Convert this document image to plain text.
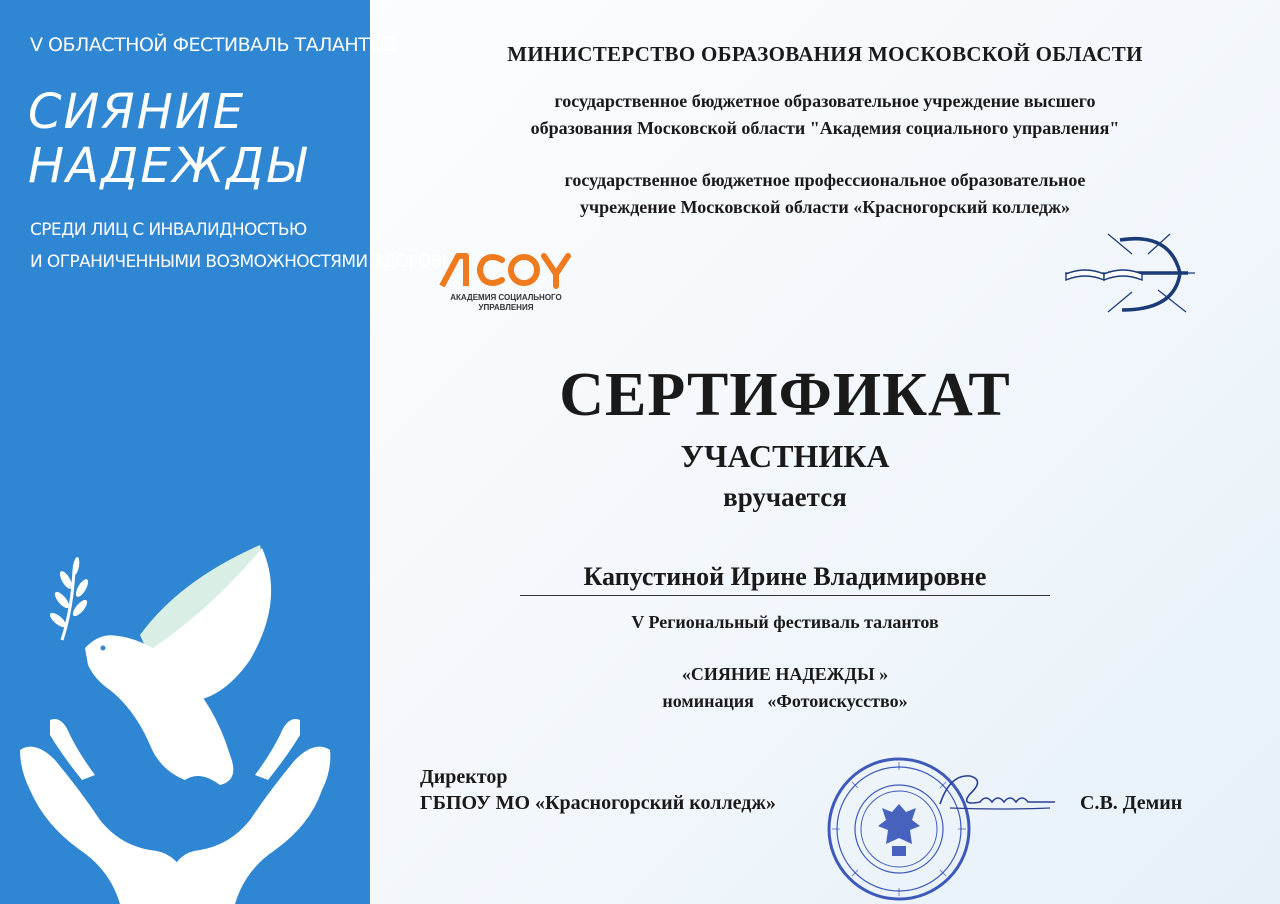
V ОБЛАСТНОЙ ФЕСТИВАЛЬ ТАЛАНТОВ
СИЯНИЕ
НАДЕЖДЫ
СРЕДИ ЛИЦ С ИНВАЛИДНОСТЬЮ
И ОГРАНИЧЕННЫМИ ВОЗМОЖНОСТЯМИ ЗДОРОВЬЯ
МИНИСТЕРСТВО ОБРАЗОВАНИЯ МОСКОВСКОЙ ОБЛАСТИ
государственное бюджетное образовательное учреждение высшего
образования Московской области "Академия социального управления"
государственное бюджетное профессиональное образовательное
учреждение Московской области «Красногорский колледж»
АКАДЕМИЯ СОЦИАЛЬНОГО
УПРАВЛЕНИЯ
СЕРТИФИКАТ
УЧАСТНИКА
вручается
Капустиной Ирине Владимировне
V Региональный фестиваль талантов
«СИЯНИЕ НАДЕЖДЫ »
номинация «Фотоискусство»
Директор
ГБПОУ МО «Красногорский колледж»	С.В. Демин
